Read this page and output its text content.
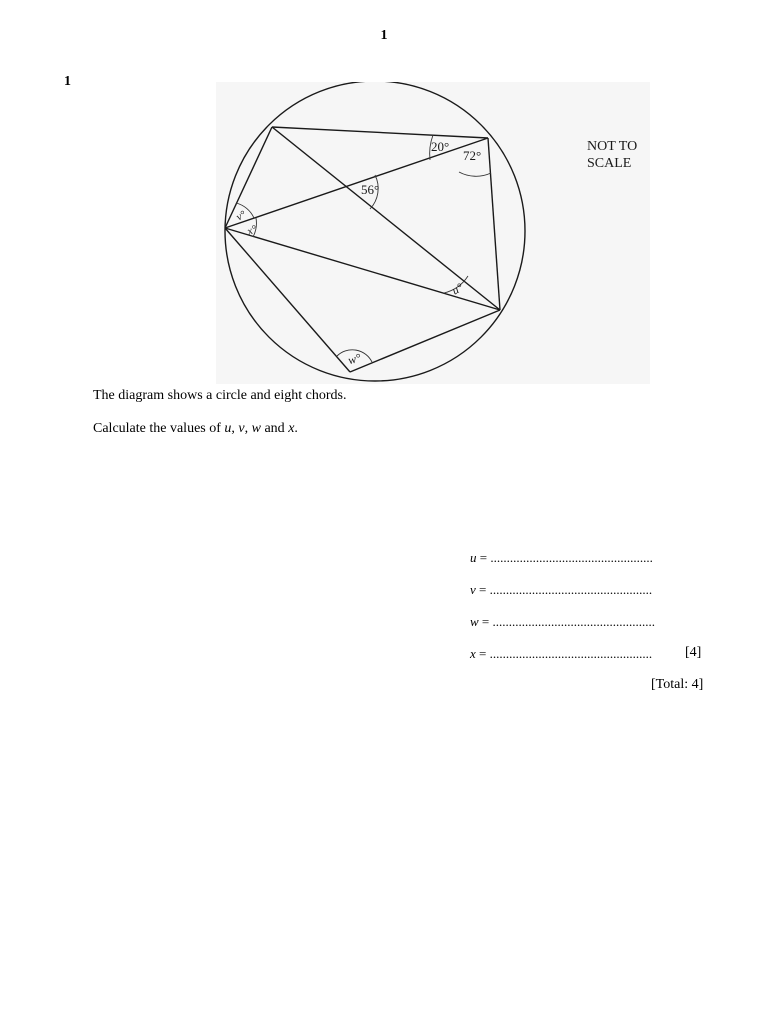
1
1
20°
72°
56°
v°
x°
u°
w°
NOT TO
SCALE
The diagram shows a circle and eight chords.
Calculate the values of u, v, w and x.
u = ..................................................
v = ..................................................
w = ..................................................
x = .................................................. [4]
[Total: 4]
